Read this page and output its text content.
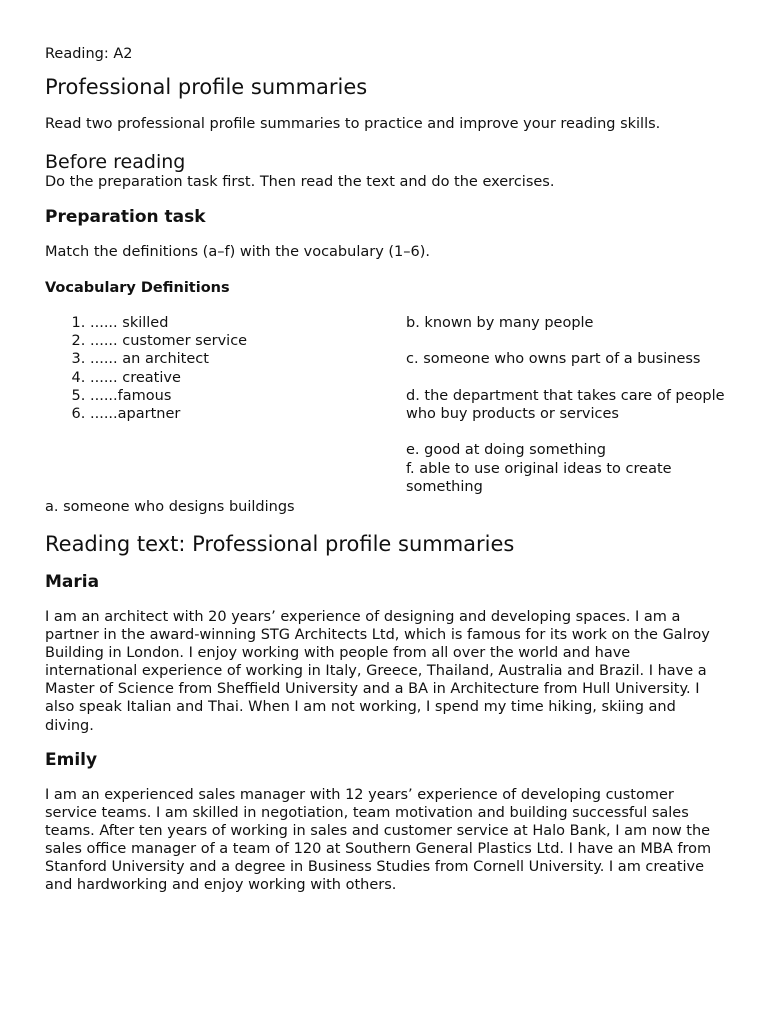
Reading: A2

Professional profile summaries

Read two professional profile summaries to practice and improve your reading skills.

Before reading

Do the preparation task first. Then read the text and do the exercises.

Preparation task

Match the definitions (a–f) with the vocabulary (1–6).

Vocabulary Definitions
1. ...... skilled
2. ...... customer service
3. ...... an architect
4. ...... creative
5. ......famous
6. ......apartner

b. known by many people

c. someone who owns part of a business

d. the department that takes care of people who buy products or services

e. good at doing something

f. able to use original ideas to create something

a. someone who designs buildings

Reading text: Professional profile summaries
Maria

I am an architect with 20 years’ experience of designing and developing spaces. I am a partner in the award-winning STG Architects Ltd, which is famous for its work on the Galroy Building in London. I enjoy working with people from all over the world and have international experience of working in Italy, Greece, Thailand, Australia and Brazil. I have a Master of Science from Sheffield University and a BA in Architecture from Hull University. I also speak Italian and Thai. When I am not working, I spend my time hiking, skiing and diving.

Emily

I am an experienced sales manager with 12 years’ experience of developing customer service teams. I am skilled in negotiation, team motivation and building successful sales teams. After ten years of working in sales and customer service at Halo Bank, I am now the sales office manager of a team of 120 at Southern General Plastics Ltd. I have an MBA from Stanford University and a degree in Business Studies from Cornell University. I am creative and hardworking and enjoy working with others.
